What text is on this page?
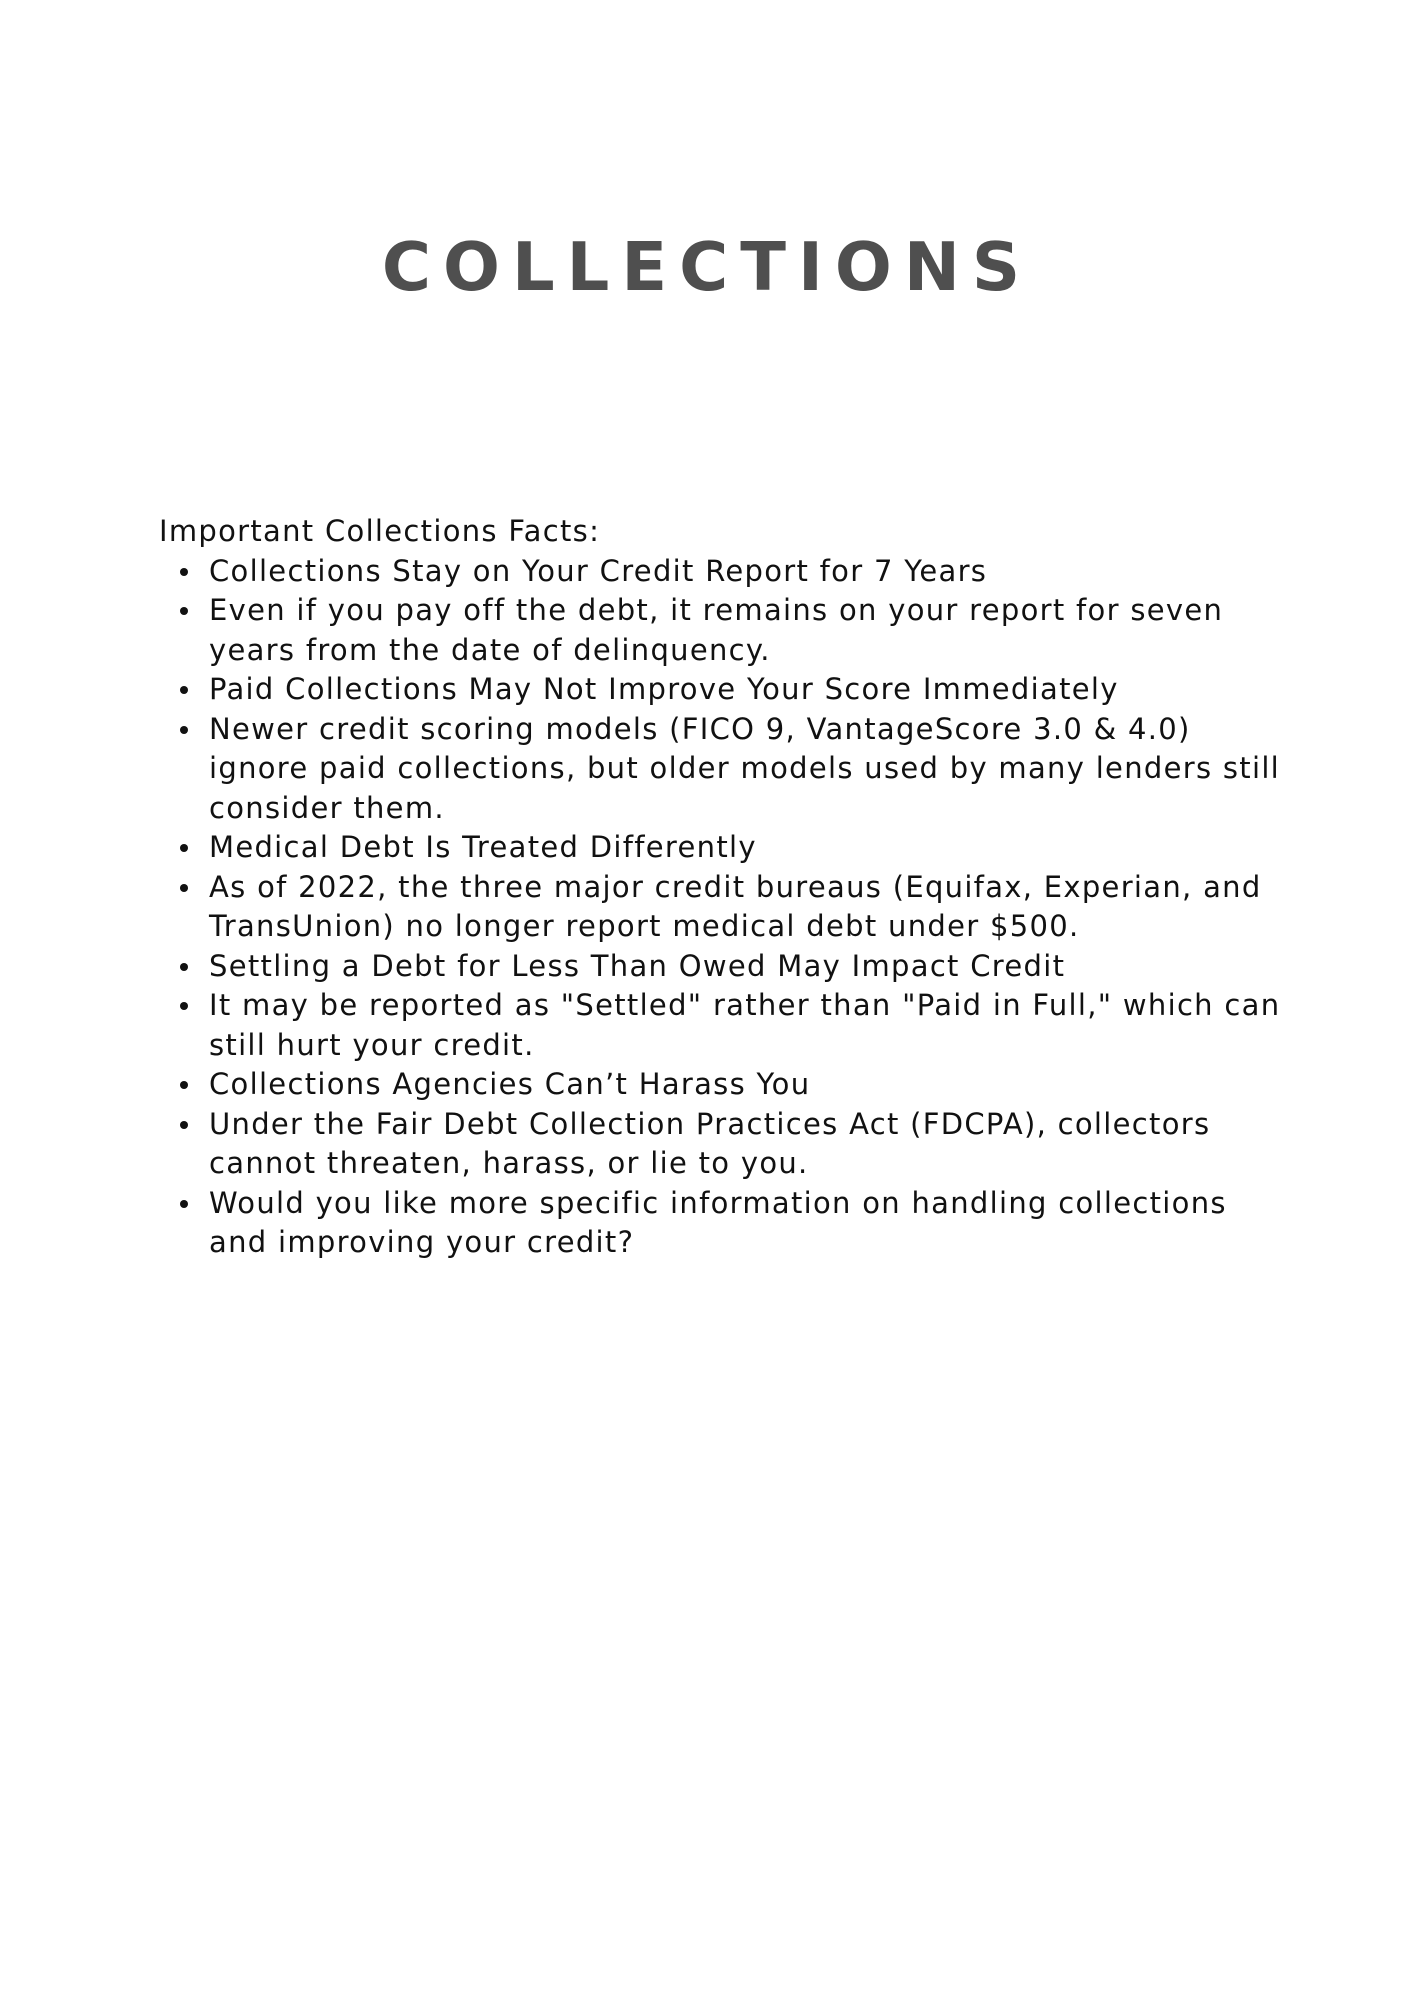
COLLECTIONS

Important Collections Facts:

Collections Stay on Your Credit Report for 7 Years
Even if you pay off the debt, it remains on your report for seven years from the date of delinquency.
Paid Collections May Not Improve Your Score Immediately
Newer credit scoring models (FICO 9, VantageScore 3.0 & 4.0) ignore paid collections, but older models used by many lenders still consider them.
Medical Debt Is Treated Differently
As of 2022, the three major credit bureaus (Equifax, Experian, and TransUnion) no longer report medical debt under $500.
Settling a Debt for Less Than Owed May Impact Credit
It may be reported as "Settled" rather than "Paid in Full," which can still hurt your credit.
Collections Agencies Can’t Harass You
Under the Fair Debt Collection Practices Act (FDCPA), collectors cannot threaten, harass, or lie to you.
Would you like more specific information on handling collections and improving your credit?
